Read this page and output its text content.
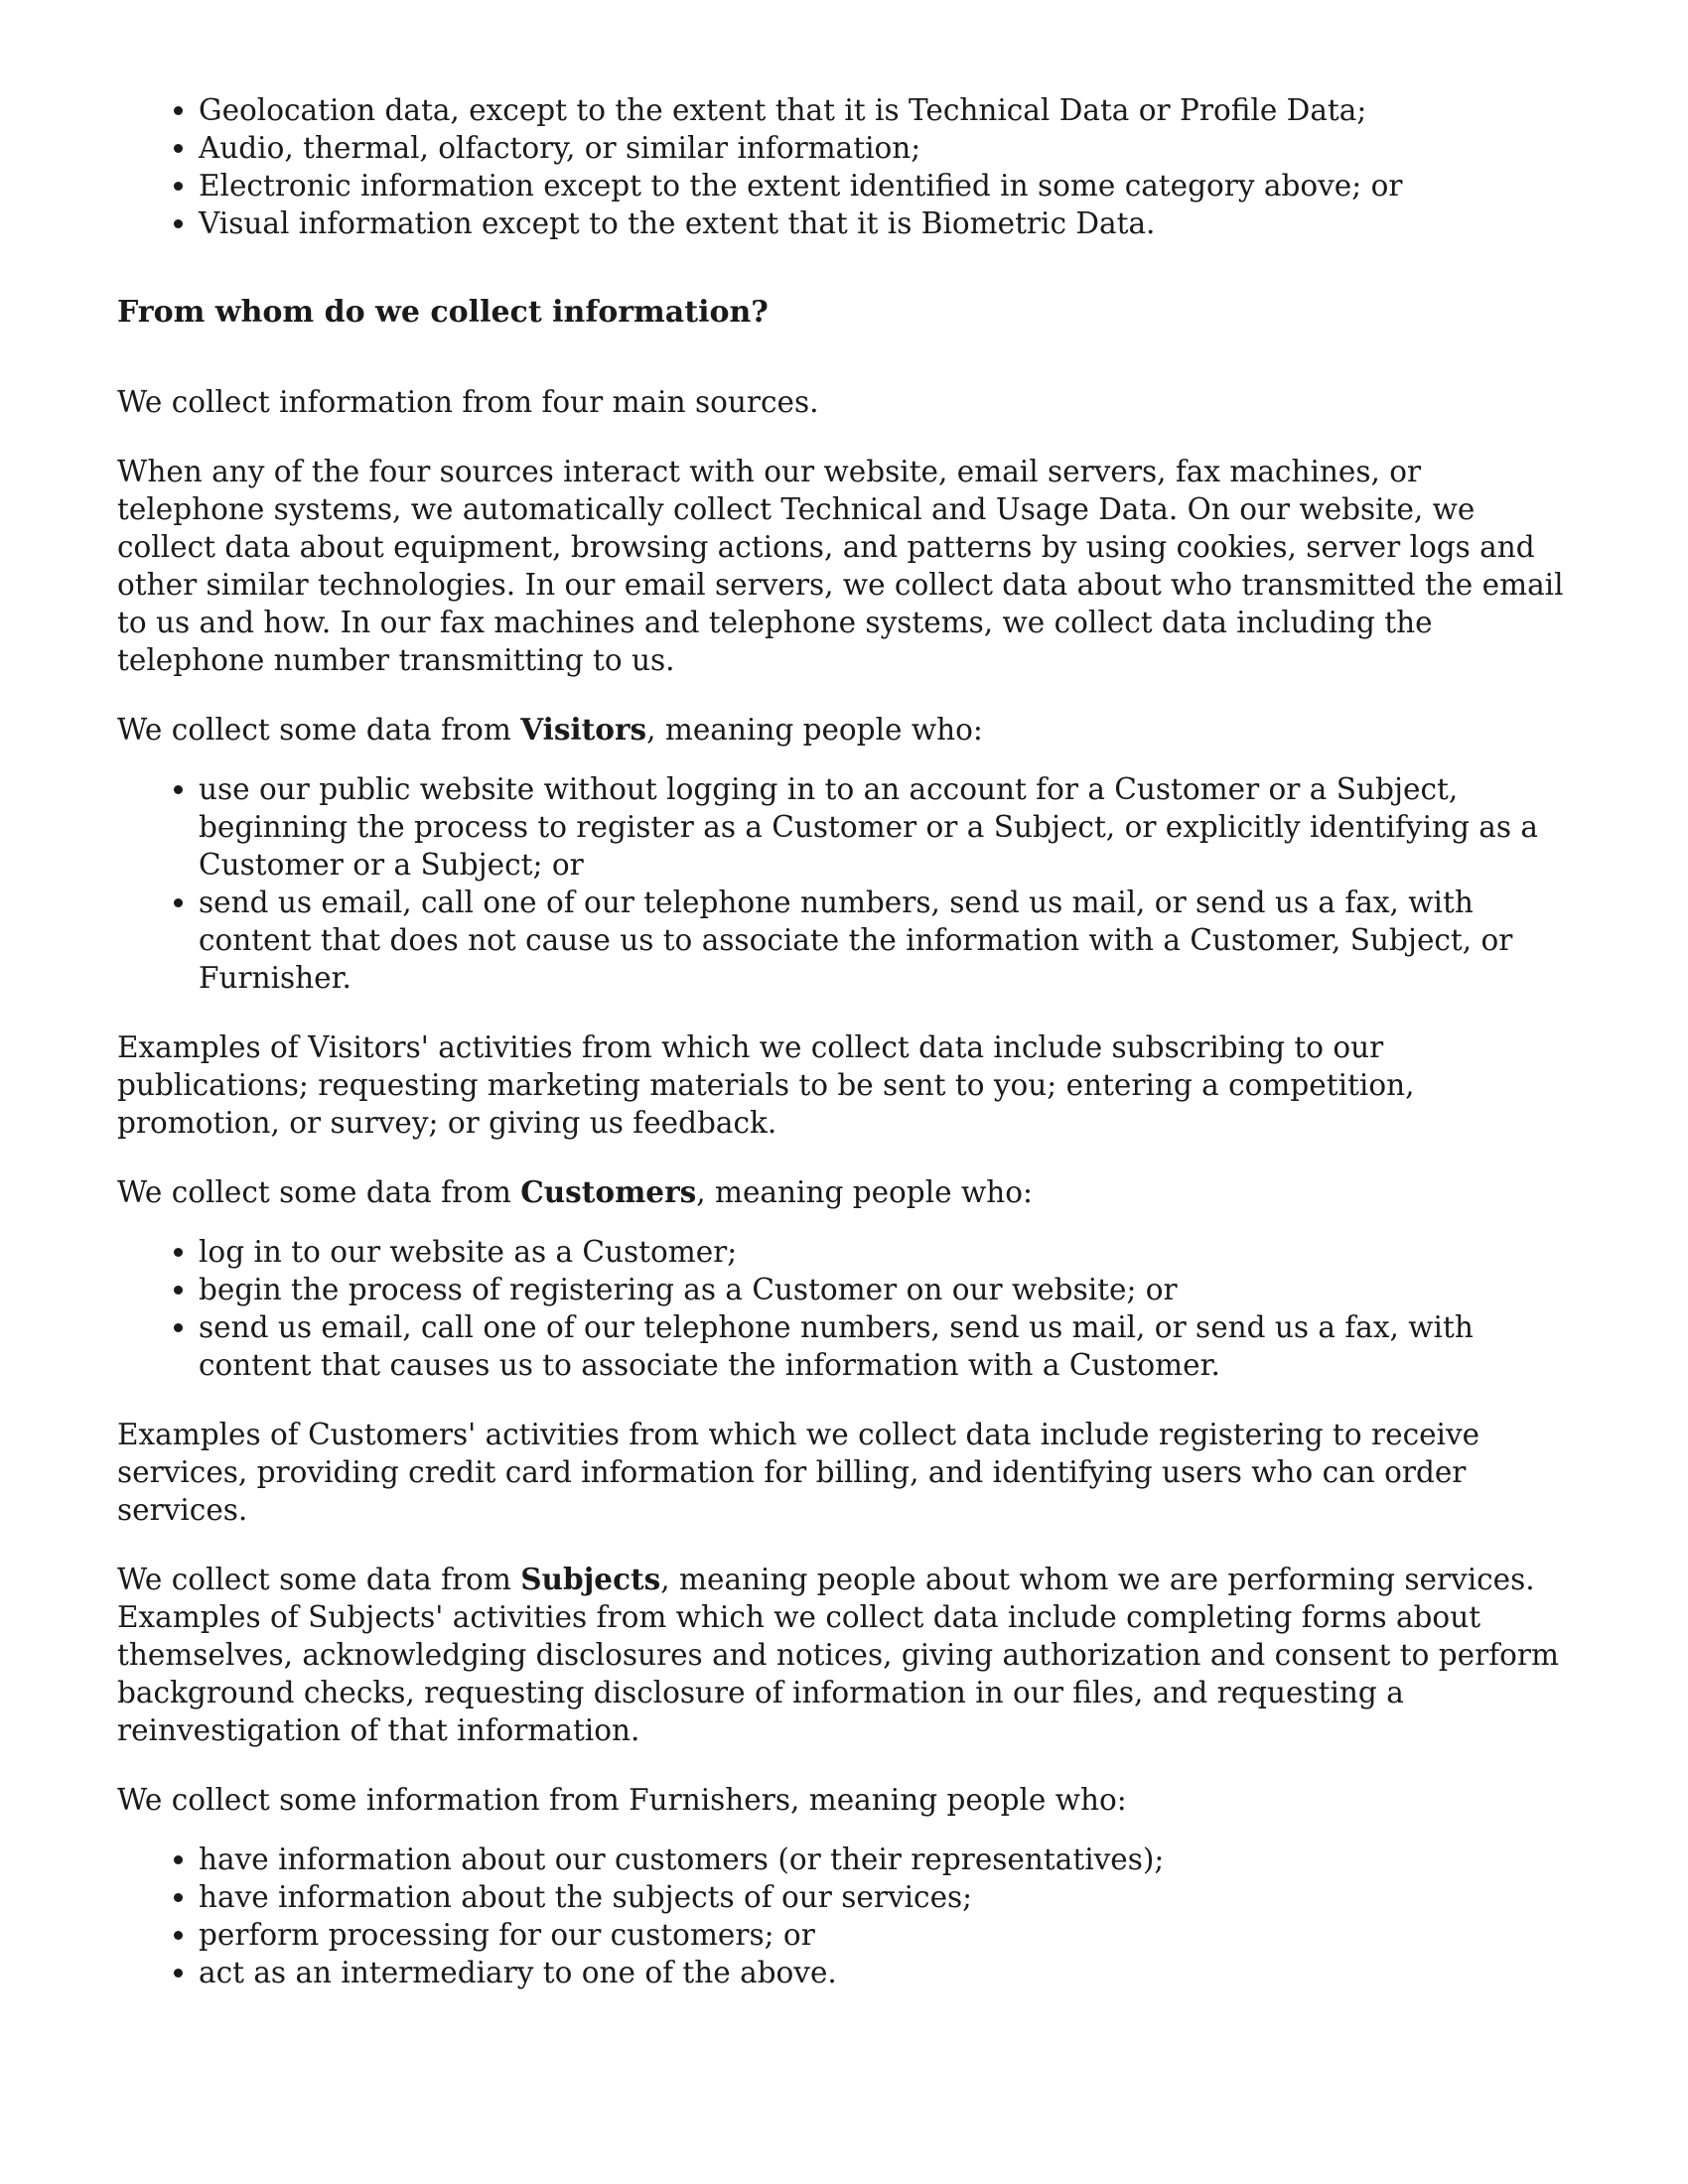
Geolocation data, except to the extent that it is Technical Data or Profile Data;
Audio, thermal, olfactory, or similar information;
Electronic information except to the extent identified in some category above; or
Visual information except to the extent that it is Biometric Data.
From whom do we collect information?

We collect information from four main sources.

When any of the four sources interact with our website, email servers, fax machines, or telephone systems, we automatically collect Technical and Usage Data. On our website, we collect data about equipment, browsing actions, and patterns by using cookies, server logs and other similar technologies. In our email servers, we collect data about who transmitted the email to us and how. In our fax machines and telephone systems, we collect data including the telephone number transmitting to us.

We collect some data from Visitors, meaning people who:

use our public website without logging in to an account for a Customer or a Subject, beginning the process to register as a Customer or a Subject, or explicitly identifying as a Customer or a Subject; or
send us email, call one of our telephone numbers, send us mail, or send us a fax, with content that does not cause us to associate the information with a Customer, Subject, or Furnisher.

Examples of Visitors' activities from which we collect data include subscribing to our publications; requesting marketing materials to be sent to you; entering a competition, promotion, or survey; or giving us feedback.

We collect some data from Customers, meaning people who:

log in to our website as a Customer;
begin the process of registering as a Customer on our website; or
send us email, call one of our telephone numbers, send us mail, or send us a fax, with content that causes us to associate the information with a Customer.

Examples of Customers' activities from which we collect data include registering to receive services, providing credit card information for billing, and identifying users who can order services.

We collect some data from Subjects, meaning people about whom we are performing services. Examples of Subjects' activities from which we collect data include completing forms about themselves, acknowledging disclosures and notices, giving authorization and consent to perform background checks, requesting disclosure of information in our files, and requesting a reinvestigation of that information.

We collect some information from Furnishers, meaning people who:

have information about our customers (or their representatives);
have information about the subjects of our services;
perform processing for our customers; or
act as an intermediary to one of the above.
